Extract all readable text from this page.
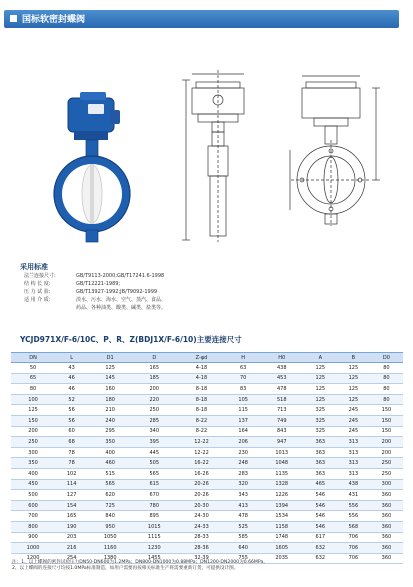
国标软密封蝶阀
采用标准
法兰连接尺寸:	GB/T9113-2000;GB/T17241.6-1998
结 构 长 度:	GB/T12221-1989;
压 力 试 验:	GB/T13927-1992;JB/T9092-1999
适 用 介 质:	淡水、污水、海水、空气、蒸汽、食品、
药品、各种油类、酸类、碱类、盐类等。
YCJD971X/F-6/10C、P、R、Z(BDJ1X/F-6/10)主要连接尺寸
DN	L	D1	D	Z-φd	H	H0	A	B	D0
50	43	125	165	4-18	63	438	125	125	80
65	46	145	185	4-18	70	453	125	125	80
80	46	160	200	8-18	83	478	125	125	80
100	52	180	220	8-18	105	518	125	125	80
125	56	210	250	8-18	115	713	325	245	150
150	56	240	285	8-22	137	749	325	245	150
200	60	295	340	8-22	164	843	325	245	150
250	68	350	395	12-22	206	947	363	313	200
300	78	400	445	12-22	230	1013	363	313	200
350	78	460	505	16-22	248	1048	363	313	250
400	102	515	565	16-26	283	1135	363	313	250
450	114	565	615	20-26	320	1328	465	438	300
500	127	620	670	20-26	343	1226	546	431	360
600	154	725	780	20-30	413	1394	546	556	360
700	165	840	895	24-30	478	1534	546	556	360
800	190	950	1015	24-33	525	1158	546	568	360
900	203	1050	1115	28-33	585	1748	617	706	360
1000	216	1160	1230	28-36	640	1605	632	706	360
1200	254	1380	1455	32-39	755	2035	632	706	360
注：1、以上蝶阀的密封试验压力DN50-DN600为1.2MPa；DN800-DN1000为0.88MPa；DN1200-DN2000为0.66MPa。
2、以上蝶阀的连接尺寸均按1.0MPa标准制造，如用户需要再按相关标准生产将需要重新订货，可提供设计图。
